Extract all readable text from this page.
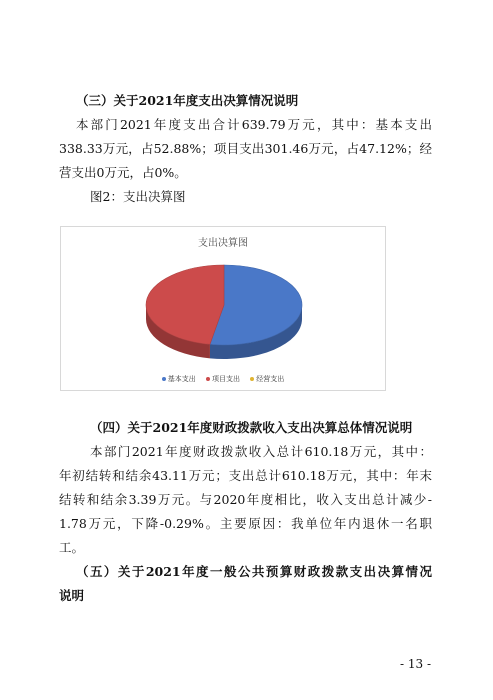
（三）关于2021年度支出决算情况说明
本部门2021年度支出合计639.79万元，其中：基本支出
338.33万元，占52.88%；项目支出301.46万元，占47.12%；经
营支出0万元，占0%。
图2：支出决算图
支出决算图
基本支出 项目支出 经营支出
（四）关于2021年度财政拨款收入支出决算总体情况说明
本部门2021年度财政拨款收入总计610.18万元，其中：
年初结转和结余43.11万元；支出总计610.18万元，其中：年末
结转和结余3.39万元。与2020年度相比，收入支出总计减少-
1.78万元，下降-0.29%。主要原因：我单位年内退休一名职
工。
（五）关于2021年度一般公共预算财政拨款支出决算情况
说明
- 13 -
